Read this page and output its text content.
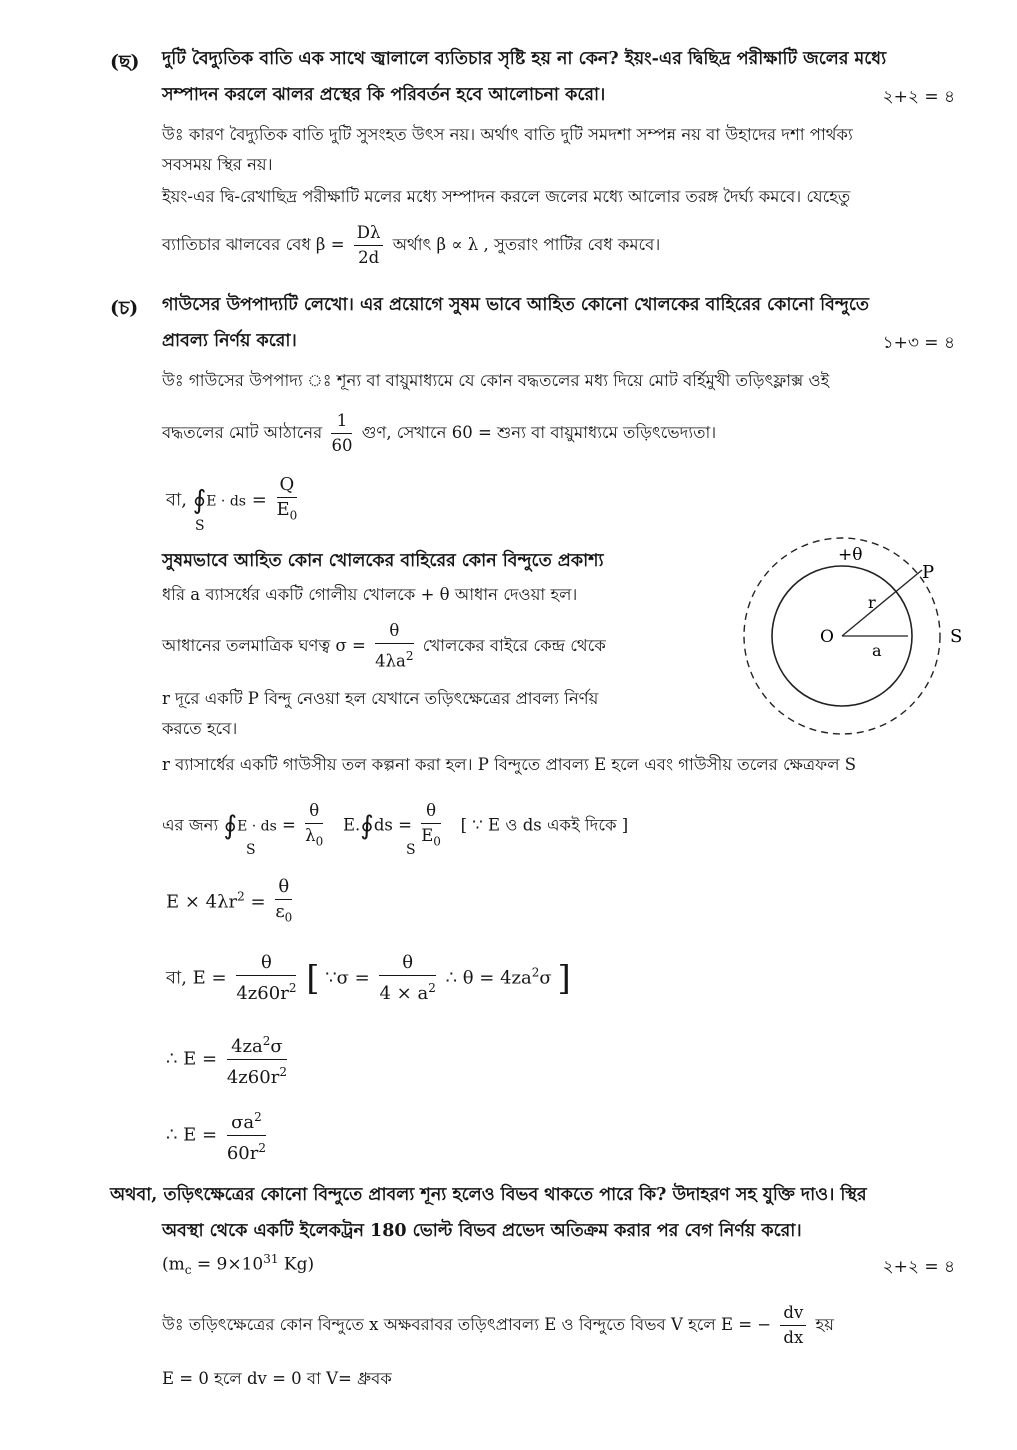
(ছ) দুটি বৈদ্যুতিক বাতি এক সাথে জ্বালালে ব্যতিচার সৃষ্টি হয় না কেন? ইয়ং-এর দ্বিছিদ্র পরীক্ষাটি জলের মধ্যে
সম্পাদন করলে ঝালর প্রস্থের কি পরিবর্তন হবে আলোচনা করো।	২+২ = ৪
উঃ কারণ বৈদ্যুতিক বাতি দুটি সুসংহত উৎস নয়। অর্থাৎ বাতি দুটি সমদশা সম্পন্ন নয় বা উহাদের দশা পার্থক্য
সবসময় স্থির নয়।
ইয়ং-এর দ্বি-রেখাছিদ্র পরীক্ষাটি মলের মধ্যে সম্পাদন করলে জলের মধ্যে আলোর তরঙ্গ দৈর্ঘ্য কমবে। যেহেতু
ব্যাতিচার ঝালবের বেধ $\beta = \frac{D\lambda}{2d}$ অর্থাৎ β ∝ λ , সুতরাং পাটির বেধ কমবে।
(চ) গাউসের উপপাদ্যটি লেখো। এর প্রয়োগে সুষম ভাবে আহিত কোনো খোলকের বাহিরের কোনো বিন্দুতে
প্রাবল্য নির্ণয় করো।	১+৩ = ৪
উঃ গাউসের উপপাদ্য ঃ শূন্য বা বায়ুমাধ্যমে যে কোন বদ্ধতলের মধ্য দিয়ে মোট বর্হিমুখী তড়িৎফ্লাক্স ওই
বদ্ধতলের মোট আঠানের $\frac{1}{60}$ গুণ, সেখানে 60 = শুন্য বা বায়ুমাধ্যমে তড়িৎভেদ্যতা।
বা, ∮E · ds = $\frac{Q}{E_0}$
S
সুষমভাবে আহিত কোন খোলকের বাহিরের কোন বিন্দুতে প্রকাশ্য
ধরি a ব্যাসর্ধের একটি গোলীয় খোলকে + θ আধান দেওয়া হল।
আধানের তলমাত্রিক ঘণত্ব $\sigma = \frac{\theta}{4\lambda a^2}$ খোলকের বাইরে কেন্দ্র থেকে
r দূরে একটি P বিন্দু নেওয়া হল যেখানে তড়িৎক্ষেত্রের প্রাবল্য নির্ণয়
করতে হবে।
r ব্যাসার্ধের একটি গাউসীয় তল কল্পনা করা হল। P বিন্দুতে প্রাবল্য E হলে এবং গাউসীয় তলের ক্ষেত্রফল S
+θ
P
r
O
a
S
এর জন্য ∮E · ds = $\frac{\theta}{\lambda_0}$ E.∮ds = $\frac{\theta}{E_0}$ [ ∵ E ও ds একই দিকে ]
S	S
$E \times 4\lambda r^2 = \frac{\theta}{\varepsilon_0}$
বা, $E = \frac{\theta}{4z60r^2}$ [ ∵σ = $\frac{\theta}{4 \times a^2}$ ∴ $\theta = 4za^2\sigma$ ]
∴ $E = \frac{4za^2\sigma}{4z60r^2}$
∴ $E = \frac{\sigma a^2}{60r^2}$
অথবা, তড়িৎক্ষেত্রের কোনো বিন্দুতে প্রাবল্য শূন্য হলেও বিভব থাকতে পারে কি? উদাহরণ সহ যুক্তি দাও। স্থির
অবস্থা থেকে একটি ইলেকট্রন 180 ভোল্ট বিভব প্রভেদ অতিক্রম করার পর বেগ নির্ণয় করো।
($m_c = 9\times 10^{31}$ Kg)	২+২ = ৪
উঃ তড়িৎক্ষেত্রের কোন বিন্দুতে x অক্ষবরাবর তড়িৎপ্রাবল্য E ও বিন্দুতে বিভব V হলে E = − $\frac{dv}{dx}$ হয়
E = 0 হলে dv = 0 বা V= ধ্রুবক
